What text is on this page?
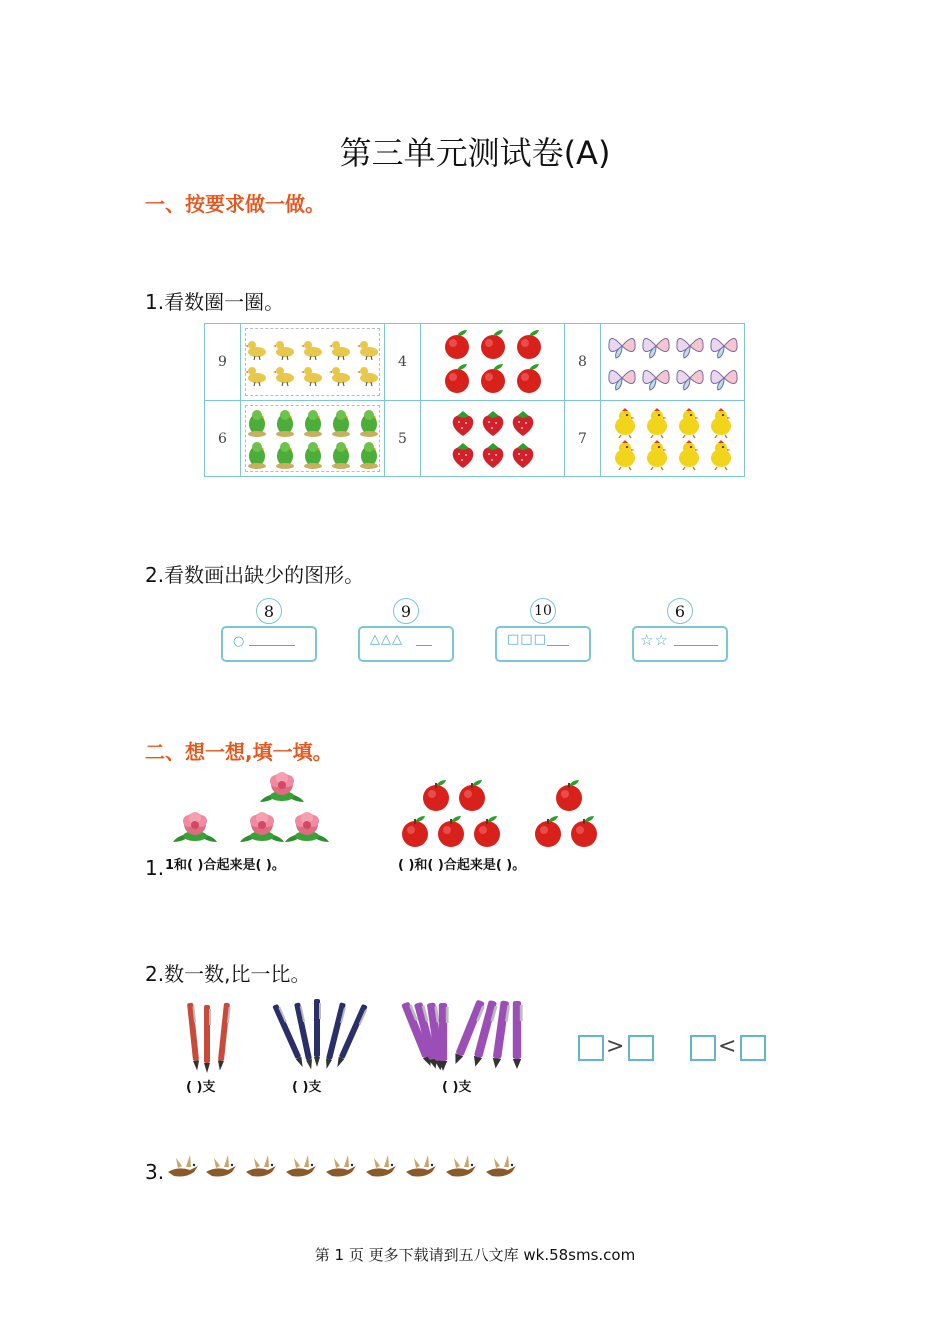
第三单元测试卷(A)
一、按要求做一做。
1.看数圈一圈。
9	4	8
6	5	7
2.看数画出缺少的图形。
8
○
9
△△△
10
□□□
6
☆☆
二、想一想,填一填。
1. 1和( )合起来是( )。	( )和( )合起来是( )。
2.数一数,比一比。
( )支	( )支	( )支
>	<
3.
第 1 页 更多下载请到五八文库 wk.58sms.com
